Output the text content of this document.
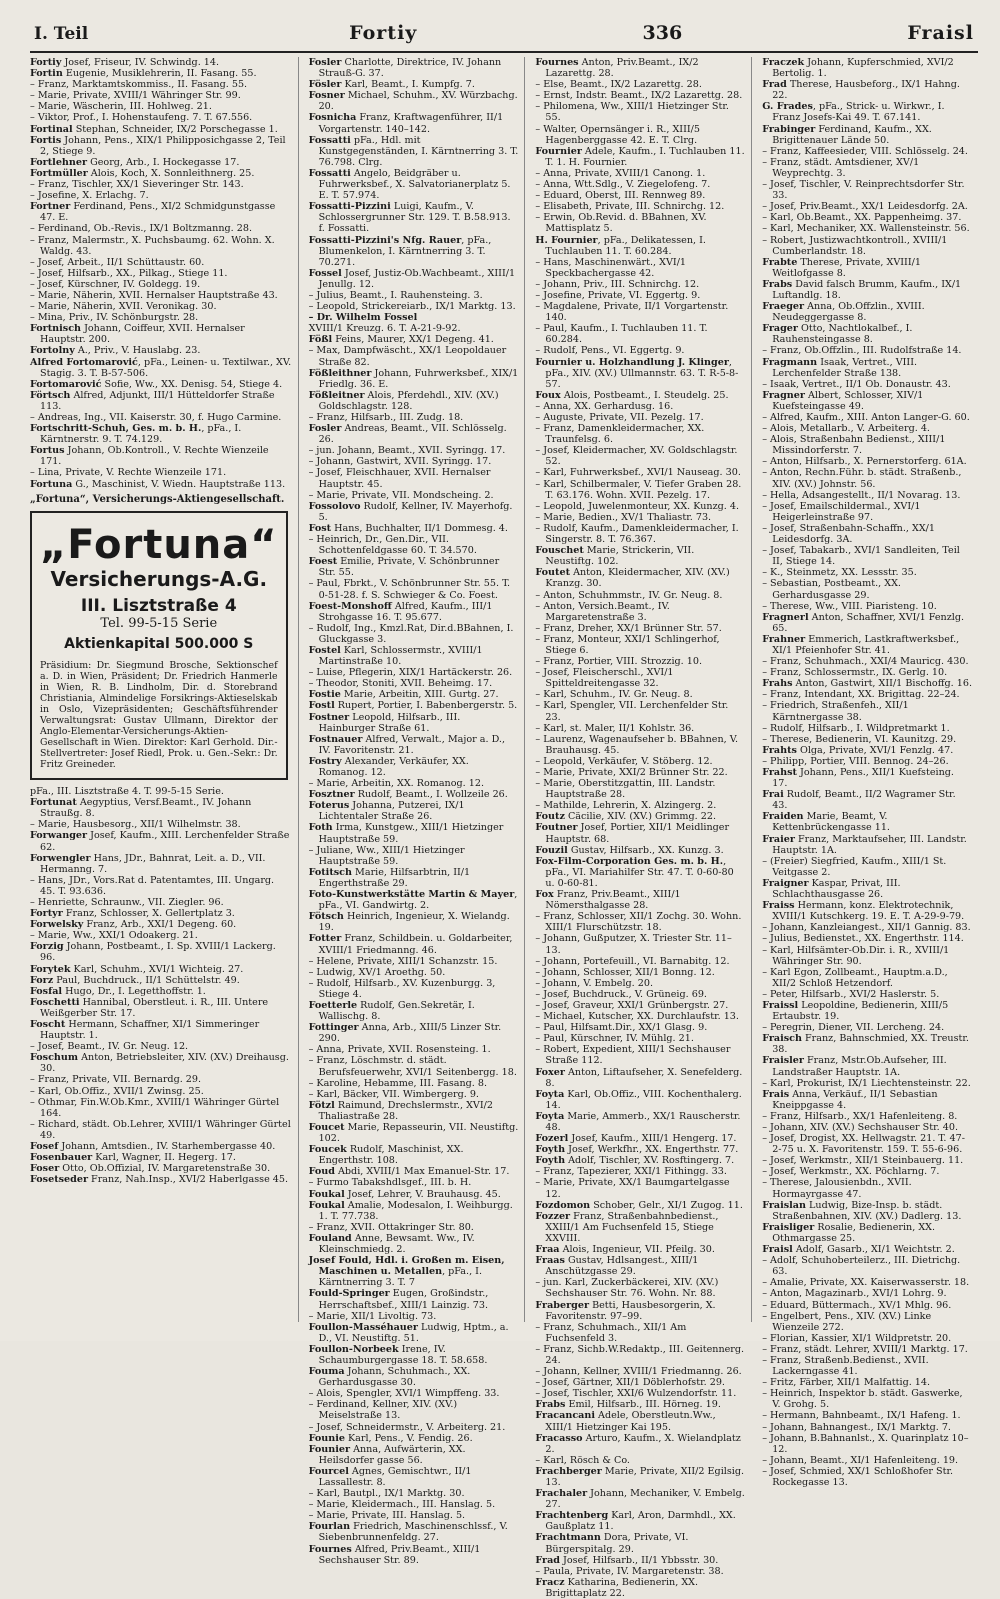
I. Teil	Fortiy	336	Fraisl

Fortiy Josef, Friseur, IV. Schwindg. 14.

Fortin Eugenie, Musiklehrerin, II. Fasang. 55.

– Franz, Marktamtskommiss., II. Fasang. 55.

– Marie, Private, XVIII/1 Währinger Str. 99.

– Marie, Wäscherin, III. Hohlweg. 21.

– Viktor, Prof., I. Hohenstaufeng. 7. T. 67.556.

Fortinal Stephan, Schneider, IX/2 Porschegasse 1.

Fortis Johann, Pens., XIX/1 Philipposichgasse 2, Teil 2, Stiege 9.

Fortlehner Georg, Arb., I. Hockegasse 17.

Fortmüller Alois, Koch, X. Sonnleithnerg. 25.

– Franz, Tischler, XX/1 Sieveringer Str. 143.

– Josefine, X. Erlachg. 7.

Fortner Ferdinand, Pens., XI/2 Schmidgunstgasse 47. E.

– Ferdinand, Ob.-Revis., IX/1 Boltzmanng. 28.

– Franz, Malermstr., X. Puchsbaumg. 62. Wohn. X. Waldg. 43.

– Josef, Arbeit., II/1 Schüttaustr. 60.

– Josef, Hilfsarb., XX., Pilkag., Stiege 11.

– Josef, Kürschner, IV. Goldegg. 19.

– Marie, Näherin, XVII. Hernalser Hauptstraße 43.

– Marie, Näherin, XVII. Veronikag. 30.

– Mina, Priv., IV. Schönburgstr. 28.

Fortnisch Johann, Coiffeur, XVII. Hernalser Hauptstr. 200.

Fortolny A., Priv., V. Hauslabg. 23.

Alfred Fortomarović, pFa., Leinen- u. Textilwar., XV. Stagig. 3. T. B-57-506.

Fortomarović Sofie, Ww., XX. Denisg. 54, Stiege 4.

Förtsch Alfred, Adjunkt, III/1 Hütteldorfer Straße 113.

– Andreas, Ing., VII. Kaiserstr. 30, f. Hugo Carmine.

Fortschritt-Schuh, Ges. m. b. H., pFa., I. Kärntnerstr. 9. T. 74.129.

Fortus Johann, Ob.Kontroll., V. Rechte Wienzeile 171.

– Lina, Private, V. Rechte Wienzeile 171.

Fortuna G., Maschinist, V. Wiedn. Hauptstraße 113.

„Fortuna“, Versicherungs-Aktiengesellschaft.
„Fortuna“
Versicherungs-A.G.
III. Lisztstraße 4
Tel. 99-5-15 Serie
Aktienkapital 500.000 S
Präsidium: Dr. Siegmund Brosche, Sektionschef a. D. in Wien, Präsident; Dr. Friedrich Hanmerle in Wien, R. B. Lindholm, Dir. d. Storebrand Christiania, Almindelige Forsikrings-Aktieselskab in Oslo, Vizepräsidenten; Geschäftsführender Verwaltungsrat: Gustav Ullmann, Direktor der Anglo-Elementar-Versicherungs-Aktien-Gesellschaft in Wien. Direktor: Karl Gerhold. Dir.-Stellvertreter: Josef Riedl, Prok. u. Gen.-Sekr.: Dr. Fritz Greineder.

pFa., III. Lisztstraße 4. T. 99-5-15 Serie.

Fortunat Aegyptius, Versf.Beamt., IV. Johann Straußg. 8.

– Marie, Hausbesorg., XII/1 Wilhelmstr. 38.

Forwanger Josef, Kaufm., XIII. Lerchenfelder Straße 62.

Forwengler Hans, JDr., Bahnrat, Leit. a. D., VII. Hermanng. 7.

– Hans, JDr., Vors.Rat d. Patentamtes, III. Ungarg. 45. T. 93.636.

– Henriette, Schraunw., VII. Ziegler. 96.

Fortyr Franz, Schlosser, X. Gellertplatz 3.

Forwelsky Franz, Arb., XXI/1 Degeng. 60.

– Marie, Ww., XXI/1 Odoakerg. 21.

Forzig Johann, Postbeamt., I. Sp. XVIII/1 Lackerg. 96.

Forytek Karl, Schuhm., XVI/1 Wichteig. 27.

Forz Paul, Buchdruck., II/1 Schüttelstr. 49.

Fosfal Hugo, Dr., I. Legetthoffstr. 1.

Foschetti Hannibal, Oberstleut. i. R., III. Untere Weißgerber Str. 17.

Foscht Hermann, Schaffner, XI/1 Simmeringer Hauptstr. 1.

– Josef, Beamt., IV. Gr. Neug. 12.

Foschum Anton, Betriebsleiter, XIV. (XV.) Dreihausg. 30.

– Franz, Private, VII. Bernardg. 29.

– Karl, Ob.Offiz., XVII/1 Zwinsg. 25.

– Othmar, Fin.W.Ob.Kmr., XVIII/1 Währinger Gürtel 164.

– Richard, städt. Ob.Lehrer, XVIII/1 Währinger Gürtel 49.

Fosef Johann, Amtsdien., IV. Starhembergasse 40.

Fosenbauer Karl, Wagner, II. Hegerg. 17.

Foser Otto, Ob.Offizial, IV. Margaretenstraße 30.

Fosetseder Franz, Nah.Insp., XVI/2 Haberlgasse 45.

Fosler Charlotte, Direktrice, IV. Johann Strauß-G. 37.

Fösler Karl, Beamt., I. Kumpfg. 7.

Fosner Michael, Schuhm., XV. Würzbachg. 20.

Fosnicha Franz, Kraftwagenführer, II/1 Vorgartenstr. 140–142.

Fossatti pFa., Hdl. mit Kunstgegenständen, I. Kärntnerring 3. T. 76.798. Clrg.

Fossatti Angelo, Beidgräber u. Fuhrwerksbef., X. Salvatorianerplatz 5. E. T. 57.974.

Fossatti-Pizzini Luigi, Kaufm., V. Schlossergrunner Str. 129. T. B.58.913. f. Fossatti.

Fossatti-Pizzini's Nfg. Rauer, pFa., Blumenkelon, I. Kärntnerring 3. T. 70.271.

Fossel Josef, Justiz-Ob.Wachbeamt., XIII/1 Jenullg. 12.

– Julius, Beamt., I. Rauhensteing. 3.

– Leopold, Strickereiarb., IX/1 Marktg. 13.

– Dr. Wilhelm Fossel

XVIII/1 Kreuzg. 6. T. A-21-9-92.

Fößl Feins, Maurer, XX/1 Degeng. 41.

– Max, Dampfwäscht., XX/1 Leopoldauer Straße 82.

Fößleithner Johann, Fuhrwerksbef., XIX/1 Friedlg. 36. E.

Fößleitner Alois, Pferdehdl., XIV. (XV.) Goldschlagstr. 128.

– Franz, Hilfsarb., III. Zudg. 18.

Fosler Andreas, Beamt., VII. Schlösselg. 26.

– jun. Johann, Beamt., XVII. Syringg. 17.

– Johann, Gastwirt, XVII. Syringg. 17.

– Josef, Fleischhauer, XVII. Hernalser Hauptstr. 45.

– Marie, Private, VII. Mondscheing. 2.

Fossolovo Rudolf, Kellner, IV. Mayerhofg. 5.

Fost Hans, Buchhalter, II/1 Dommesg. 4.

– Heinrich, Dr., Gen.Dir., VII. Schottenfeldgasse 60. T. 34.570.

Foest Emilie, Private, V. Schönbrunner Str. 55.

– Paul, Fbrkt., V. Schönbrunner Str. 55. T. 0-51-28. f. S. Schwieger & Co. Foest.

Foest-Monshoff Alfred, Kaufm., III/1 Strohgasse 16. T. 95.677.

– Rudolf, Ing., Kmzl.Rat, Dir.d.BBahnen, I. Gluckgasse 3.

Fostel Karl, Schlossermstr., XVIII/1 Martinstraße 10.

– Luise, Pflegerin, XIX/1 Hartäckerstr. 26.

– Theodor, Stoniti, XVII. Beheimg. 17.

Fostie Marie, Arbeitin, XIII. Gurtg. 27.

Fostl Rupert, Portier, I. Babenbergerstr. 5.

Fostner Leopold, Hilfsarb., III. Hainburger Straße 61.

Fostnauer Alfred, Verwalt., Major a. D., IV. Favoritenstr. 21.

Fostry Alexander, Verkäufer, XX. Romanog. 12.

– Marie, Arbeitin, XX. Romanog. 12.

Fosztner Rudolf, Beamt., I. Wollzeile 26.

Foterus Johanna, Putzerei, IX/1 Lichtentaler Straße 26.

Foth Irma, Kunstgew., XIII/1 Hietzinger Hauptstraße 59.

– Juliane, Ww., XIII/1 Hietzinger Hauptstraße 59.

Fotitsch Marie, Hilfsarbtrin, II/1 Engerthstraße 29.

Foto-Kunstwerkstätte Martin & Mayer, pFa., VI. Gandwirtg. 2.

Fötsch Heinrich, Ingenieur, X. Wielandg. 19.

Fotter Franz, Schildbein. u. Goldarbeiter, XVIII/1 Friedmanng. 46.

– Helene, Private, XIII/1 Schanzstr. 15.

– Ludwig, XV/1 Aroethg. 50.

– Rudolf, Hilfsarb., XV. Kuzenburgg. 3, Stiege 4.

Foetterle Rudolf, Gen.Sekretär, I. Wallischg. 8.

Fottinger Anna, Arb., XIII/5 Linzer Str. 290.

– Anna, Private, XVII. Rosensteing. 1.

– Franz, Löschmstr. d. städt. Berufsfeuerwehr, XVI/1 Seitenbergg. 18.

– Karoline, Hebamme, III. Fasang. 8.

– Karl, Bäcker, VII. Wimbergerg. 9.

Fötzl Raimund, Drechslermstr., XVI/2 Thaliastraße 28.

Foucet Marie, Repasseurin, VII. Neustiftg. 102.

Foucek Rudolf, Maschinist, XX. Engerthstr. 108.

Foud Abdi, XVIII/1 Max Emanuel-Str. 17.

– Furmo Tabakshdlsgef., III. b. H.

Foukal Josef, Lehrer, V. Brauhausg. 45.

Foukal Amalie, Modesalon, I. Weihburgg. 1. T. 77.738.

– Franz, XVII. Ottakringer Str. 80.

Fouland Anne, Bewsamt. Ww., IV. Kleinschmiedg. 2.

Josef Fould, Hdl. i. Großen m. Eisen, Maschinen u. Metallen, pFa., I. Kärntnerring 3. T. 7

Fould-Springer Eugen, Großindstr., Herrschaftsbef., XIII/1 Lainzig. 73.

– Marie, XII/1 Livoltig. 73.

Foullon-Masséhauer Ludwig, Hptm., a. D., VI. Neustiftg. 51.

Foullon-Norbeek Irene, IV. Schaumburgergasse 18. T. 58.658.

Fouma Johann, Schuhmach., XX. Gerhardusgasse 30.

– Alois, Spengler, XVI/1 Wimpffeng. 33.

– Ferdinand, Kellner, XIV. (XV.) Meiselstraße 13.

– Josef, Schneidermstr., V. Arbeiterg. 21.

Founie Karl, Pens., V. Fendig. 26.

Founier Anna, Aufwärterin, XX. Heilsdorfer gasse 56.

Fourcel Agnes, Gemischtwr., II/1 Lassallestr. 8.

– Karl, Bautpl., IX/1 Marktg. 30.

– Marie, Kleidermach., III. Hanslag. 5.

– Marie, Private, III. Hanslag. 5.

Fourlan Friedrich, Maschinenschlssf., V. Siebenbrunnenfeldg. 27.

Fournes Alfred, Priv.Beamt., XIII/1 Sechshauser Str. 89.

Fournes Anton, Priv.Beamt., IX/2 Lazarettg. 28.

– Else, Beamt., IX/2 Lazarettg. 28.

– Ernst, Indstr. Beamt., IX/2 Lazarettg. 28.

– Philomena, Ww., XIII/1 Hietzinger Str. 55.

– Walter, Opernsänger i. R., XIII/5 Hagenberggasse 42. E. T. Clrg.

Fournier Adele, Kaufm., I. Tuchlauben 11. T. 1. H. Fournier.

– Anna, Private, XVIII/1 Canong. 1.

– Anna, Wtt.Sdlg., V. Ziegelofeng. 7.

– Eduard, Oberst, III. Rennweg 89.

– Elisabeth, Private, III. Schnirchg. 12.

– Erwin, Ob.Revid. d. BBahnen, XV. Mattisplatz 5.

H. Fournier, pFa., Delikatessen, I. Tuchlauben 11. T. 60.284.

– Hans, Maschinenwärt., XVI/1 Speckbachergasse 42.

– Johann, Priv., III. Schnirchg. 12.

– Josefine, Private, VI. Eggertg. 9.

– Magdalene, Private, II/1 Vorgartenstr. 140.

– Paul, Kaufm., I. Tuchlauben 11. T. 60.284.

– Rudolf, Pens., VI. Eggertg. 9.

Fournier u. Holzhandlung J. Klinger, pFa., XIV. (XV.) Ullmannstr. 63. T. R-5-8-57.

Foux Alois, Postbeamt., I. Steudelg. 25.

– Anna, XX. Gerhardusg. 16.

– Auguste, Private, VII. Pezelg. 17.

– Franz, Damenkleidermacher, XX. Traunfelsg. 6.

– Josef, Kleidermacher, XV. Goldschlagstr. 52.

– Karl, Fuhrwerksbef., XVI/1 Nauseag. 30.

– Karl, Schilbermaler, V. Tiefer Graben 28. T. 63.176. Wohn. XVII. Pezelg. 17.

– Leopold, Juwelenmonteur, XX. Kunzg. 4.

– Marie, Bedien., XV/1 Thaliastr. 73.

– Rudolf, Kaufm., Damenkleidermacher, I. Singerstr. 8. T. 76.367.

Fouschet Marie, Strickerin, VII. Neustiftg. 102.

Foutet Anton, Kleidermacher, XIV. (XV.) Kranzg. 30.

– Anton, Schuhmmstr., IV. Gr. Neug. 8.

– Anton, Versich.Beamt., IV. Margaretenstraße 3.

– Franz, Dreher, XX/1 Brünner Str. 57.

– Franz, Monteur, XXI/1 Schlingerhof, Stiege 6.

– Franz, Portier, VIII. Strozzig. 10.

– Josef, Fleischerschl., XVI/1 Spitteldreitengasse 32.

– Karl, Schuhm., IV. Gr. Neug. 8.

– Karl, Spengler, VII. Lerchenfelder Str. 23.

– Karl, st. Maler, II/1 Kohlstr. 36.

– Laurenz, Wagenaufseher b. BBahnen, V. Brauhausg. 45.

– Leopold, Verkäufer, V. Stöberg. 12.

– Marie, Private, XXI/2 Brünner Str. 22.

– Marie, Oberstitzgattin, III. Landstr. Hauptstraße 28.

– Mathilde, Lehrerin, X. Alzingerg. 2.

Foutz Cäcilie, XIV. (XV.) Grimmg. 22.

Foutner Josef, Portier, XII/1 Meidlinger Hauptstr. 68.

Fouzil Gustav, Hilfsarb., XX. Kunzg. 3.

Fox-Film-Corporation Ges. m. b. H., pFa., VI. Mariahilfer Str. 47. T. 0-60-80 u. 0-60-81.

Fox Franz, Priv.Beamt., XIII/1 Nömersthalgasse 28.

– Franz, Schlosser, XII/1 Zochg. 30. Wohn. XIII/1 Flurschützstr. 18.

– Johann, Gußputzer, X. Triester Str. 11–13.

– Johann, Portefeuill., VI. Barnabitg. 12.

– Johann, Schlosser, XII/1 Bonng. 12.

– Johann, V. Embelg. 20.

– Josef, Buchdruck., V. Grüneig. 69.

– Josef, Graveur, XXI/1 Grünbergstr. 27.

– Michael, Kutscher, XX. Durchlaufstr. 13.

– Paul, Hilfsamt.Dir., XX/1 Glasg. 9.

– Paul, Kürschner, IV. Mühlg. 21.

– Robert, Expedient, XIII/1 Sechshauser Straße 112.

Foxer Anton, Liftaufseher, X. Senefelderg. 8.

Foyta Karl, Ob.Offiz., VIII. Kochenthalerg. 14.

Foyta Marie, Ammerb., XX/1 Rauscherstr. 48.

Fozerl Josef, Kaufm., XIII/1 Hengerg. 17.

Foyth Josef, Werkfhr., XX. Engerthstr. 77.

Foyth Adolf, Tischler, XV. Rosftingerg. 7.

– Franz, Tapezierer, XXI/1 Fithingg. 33.

– Marie, Private, XX/1 Baumgartelgasse 12.

Fozdomon Schober, Gelr., XI/1 Zugog. 11.

Fozzer Franz, Straßenbahnbedienst., XXIII/1 Am Fuchsenfeld 15, Stiege XXVIII.

Fraa Alois, Ingenieur, VII. Pfeilg. 30.

Fraas Gustav, Hdlsangest., XIII/1 Anschützgasse 29.

– jun. Karl, Zuckerbäckerei, XIV. (XV.) Sechshauser Str. 76. Wohn. Nr. 88.

Fraberger Betti, Hausbesorgerin, X. Favoritenstr. 97–99.

– Franz, Schuhmach., XII/1 Am Fuchsenfeld 3.

– Franz, Sichb.W.Redaktp., III. Geitennerg. 24.

– Johann, Kellner, XVIII/1 Friedmanng. 26.

– Josef, Gärtner, XII/1 Döblerhofstr. 29.

– Josef, Tischler, XXI/6 Wulzendorfstr. 11.

Frabs Emil, Hilfsarb., III. Hörneg. 19.

Fracancani Adele, Oberstleutn.Ww., XIII/1 Hietzinger Kai 195.

Fracasso Arturo, Kaufm., X. Wielandplatz 2.

– Karl, Rösch & Co.

Frachberger Marie, Private, XII/2 Egilsig. 13.

Frachaler Johann, Mechaniker, V. Embelg. 27.

Frachtenberg Karl, Aron, Darmhdl., XX. Gaußplatz 11.

Frachtmann Dora, Private, VI. Bürgerspitalg. 29.

Frad Josef, Hilfsarb., II/1 Ybbsstr. 30.

– Paula, Private, IV. Margaretenstr. 38.

Fracz Katharina, Bedienerin, XX. Brigittaplatz 22.

Fraczek Johann, Kupferschmied, XVI/2 Bertolig. 1.

Frad Therese, Hausbeforg., IX/1 Hahng. 22.

G. Frades, pFa., Strick- u. Wirkwr., I. Franz Josefs-Kai 49. T. 67.141.

Frabinger Ferdinand, Kaufm., XX. Brigittenauer Lände 50.

– Franz, Kaffeesieder, VIII. Schlösselg. 24.

– Franz, städt. Amtsdiener, XV/1 Weyprechtg. 3.

– Josef, Tischler, V. Reinprechtsdorfer Str. 33.

– Josef, Priv.Beamt., XX/1 Leidesdorfg. 2A.

– Karl, Ob.Beamt., XX. Pappenheimg. 37.

– Karl, Mechaniker, XX. Wallensteinstr. 56.

– Robert, Justizwachtkontroll., XVIII/1 Cumberlandstr. 18.

Frabte Therese, Private, XVIII/1 Weitlofgasse 8.

Frabs David falsch Brumm, Kaufm., IX/1 Luftandlg. 18.

Fraeger Anna, Ob.Offzlin., XVIII. Neudeggergasse 8.

Frager Otto, Nachtlokalbef., I. Rauhensteingasse 8.

– Franz, Ob.Offzlin., III. Rudolfstraße 14.

Fragmann Isaak, Vertret., VIII. Lerchenfelder Straße 138.

– Isaak, Vertret., II/1 Ob. Donaustr. 43.

Fragner Albert, Schlosser, XIV/1 Kuefsteingasse 49.

– Alfred, Kaufm., XIII. Anton Langer-G. 60.

– Alois, Metallarb., V. Arbeiterg. 4.

– Alois, Straßenbahn Bedienst., XIII/1 Missindorferstr. 7.

– Anton, Hilfsarb., X. Pernerstorferg. 61A.

– Anton, Rechn.Führ. b. städt. Straßenb., XIV. (XV.) Johnstr. 56.

– Hella, Adsangestellt., II/1 Novarag. 13.

– Josef, Emailschildermal., XVI/1 Heigerleinstraße 97.

– Josef, Straßenbahn-Schaffn., XX/1 Leidesdorfg. 3A.

– Josef, Tabakarb., XVI/1 Sandleiten, Teil II, Stiege 14.

– K., Steinmetz, XX. Lessstr. 35.

– Sebastian, Postbeamt., XX. Gerhardusgasse 29.

– Therese, Ww., VIII. Piaristeng. 10.

Fragnerl Anton, Schaffner, XVI/1 Fenzlg. 65.

Frahner Emmerich, Lastkraftwerksbef., XI/1 Pfeienhofer Str. 41.

– Franz, Schuhmach., XXI/4 Mauricg. 430.

– Franz, Schlossermstr., IX. Gerlg. 10.

Frahs Anton, Gastwirt, XII/1 Bischoffg. 16.

– Franz, Intendant, XX. Brigittag. 22–24.

– Friedrich, Straßenfeh., XII/1 Kärntnergasse 38.

– Rudolf, Hilfsarb., I. Wildpretmarkt 1.

– Therese, Bedienerin, VI. Kaunitzg. 29.

Frahts Olga, Private, XVI/1 Fenzlg. 47.

– Philipp, Portier, VIII. Bennog. 24–26.

Frahst Johann, Pens., XII/1 Kuefsteing. 17.

Frai Rudolf, Beamt., II/2 Wagramer Str. 43.

Fraiden Marie, Beamt, V. Kettenbrückengasse 11.

Fraier Franz, Marktaufseher, III. Landstr. Hauptstr. 1A.

– (Freier) Siegfried, Kaufm., XIII/1 St. Veitgasse 2.

Fraigner Kaspar, Privat, III. Schlachthausgasse 26.

Fraiss Hermann, konz. Elektrotechnik, XVIII/1 Kutschkerg. 19. E. T. A-29-9-79.

– Johann, Kanzleiangest., XII/1 Gannig. 83.

– Julius, Bedienstet., XX. Engerthstr. 114.

– Karl, Hilfsämter-Ob.Dir. i. R., XVIII/1 Währinger Str. 90.

– Karl Egon, Zollbeamt., Hauptm.a.D., XII/2 Schloß Hetzendorf.

– Peter, Hilfsarb., XVI/2 Haslerstr. 5.

Fraissl Leopoldine, Bedienerin, XIII/5 Ertaubstr. 19.

– Peregrin, Diener, VII. Lercheng. 24.

Fraisch Franz, Bahnschmied, XX. Treustr. 38.

Fraisler Franz, Mstr.Ob.Aufseher, III. Landstraßer Hauptstr. 1A.

– Karl, Prokurist, IX/1 Liechtensteinstr. 22.

Frais Anna, Verkäuf., II/1 Sebastian Kneippgasse 4.

– Franz, Hilfsarb., XX/1 Hafenleiteng. 8.

– Johann, XIV. (XV.) Sechshauser Str. 40.

– Josef, Drogist, XX. Hellwagstr. 21. T. 47-2-75 u. X. Favoritenstr. 159. T. 55-6-96.

– Josef, Werkmstr., XII/1 Steinbauerg. 11.

– Josef, Werkmstr., XX. Pöchlarng. 7.

– Therese, Jalousienbdn., XVII. Hormayrgasse 47.

Fraislan Ludwig, Bize-Insp. b. städt. Straßenbahnen, XIV. (XV.) Dadlerg. 13.

Fraisliger Rosalie, Bedienerin, XX. Othmargasse 25.

Fraisl Adolf, Gasarb., XI/1 Weichtstr. 2.

– Adolf, Schuhoberteilerz., III. Dietrichg. 63.

– Amalie, Private, XX. Kaiserwasserstr. 18.

– Anton, Magazinarb., XVI/1 Lohrg. 9.

– Eduard, Büttermach., XV/1 Mhlg. 96.

– Engelbert, Pens., XIV. (XV.) Linke Wienzeile 272.

– Florian, Kassier, XI/1 Wildpretstr. 20.

– Franz, städt. Lehrer, XVIII/1 Marktg. 17.

– Franz, Straßenb.Bedienst., XVII. Lackerngasse 41.

– Fritz, Färber, XII/1 Malfattig. 14.

– Heinrich, Inspektor b. städt. Gaswerke, V. Grohg. 5.

– Hermann, Bahnbeamt., IX/1 Hafeng. 1.

– Johann, Bahnangest., IX/1 Marktg. 7.

– Johann, B.Bahnanlst., X. Quarinplatz 10–12.

– Johann, Beamt., XI/1 Hafenleiteng. 19.

– Josef, Schmied, XX/1 Schloßhofer Str. Rockegasse 13.
